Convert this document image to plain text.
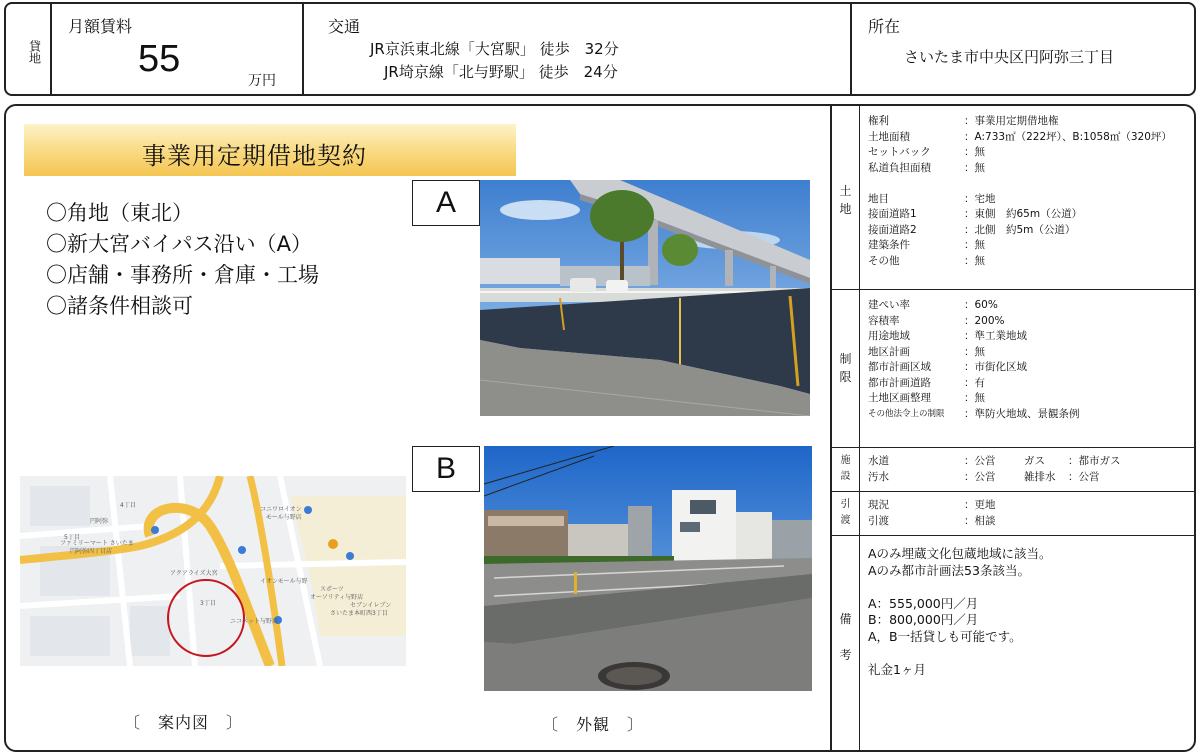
貸地
月額賃料
55
万円
交通
JR京浜東北線「大宮駅」 徒歩　32分
JR埼京線「北与野駅」 徒歩　24分
所在
さいたま市中央区円阿弥三丁目
事業用定期借地契約
〇角地（東北）
〇新大宮バイパス沿い（A）
〇店舗・事務所・倉庫・工場
〇諸条件相談可
A
B
ファミリーマート さいたま
円阿弥四丁目店
円阿弥
アクアライズ大宮
コニワロイオン
モール与野店
イオンモール与野
スポーツ
オーソリティ与野店
セブンイレブン
さいたま本町西3丁目
ニコペット与野店
4丁目
3丁目
5丁目
〔　案内図　〕	〔　外観　〕
土
地
権利	：事業用定期借地権
土地面積	：A:733㎡（222坪）、B:1058㎡（320坪）
セットバック	：無
私道負担面積	：無
地目	：宅地
接面道路1	：東側　約65m（公道）
接面道路2	：北側　約5m（公道）
建築条件	：無
その他	：無
制
限
建ぺい率	：60%
容積率	：200%
用途地域	：準工業地域
地区計画	：無
都市計画区域	：市街化区域
都市計画道路	：有
土地区画整理	：無
その他法令上の制限 ：準防火地域、景観条例
施
設
水道	：公営	ガス ：都市ガス
汚水	：公営	雑排水 ：公営
引
渡
現況	：更地
引渡	：相談
備
考
Aのみ埋蔵文化包蔵地域に該当。
Aのみ都市計画法53条該当。
A：555,000円／月
B：800,000円／月
A，B一括貸しも可能です。
礼金1ヶ月
